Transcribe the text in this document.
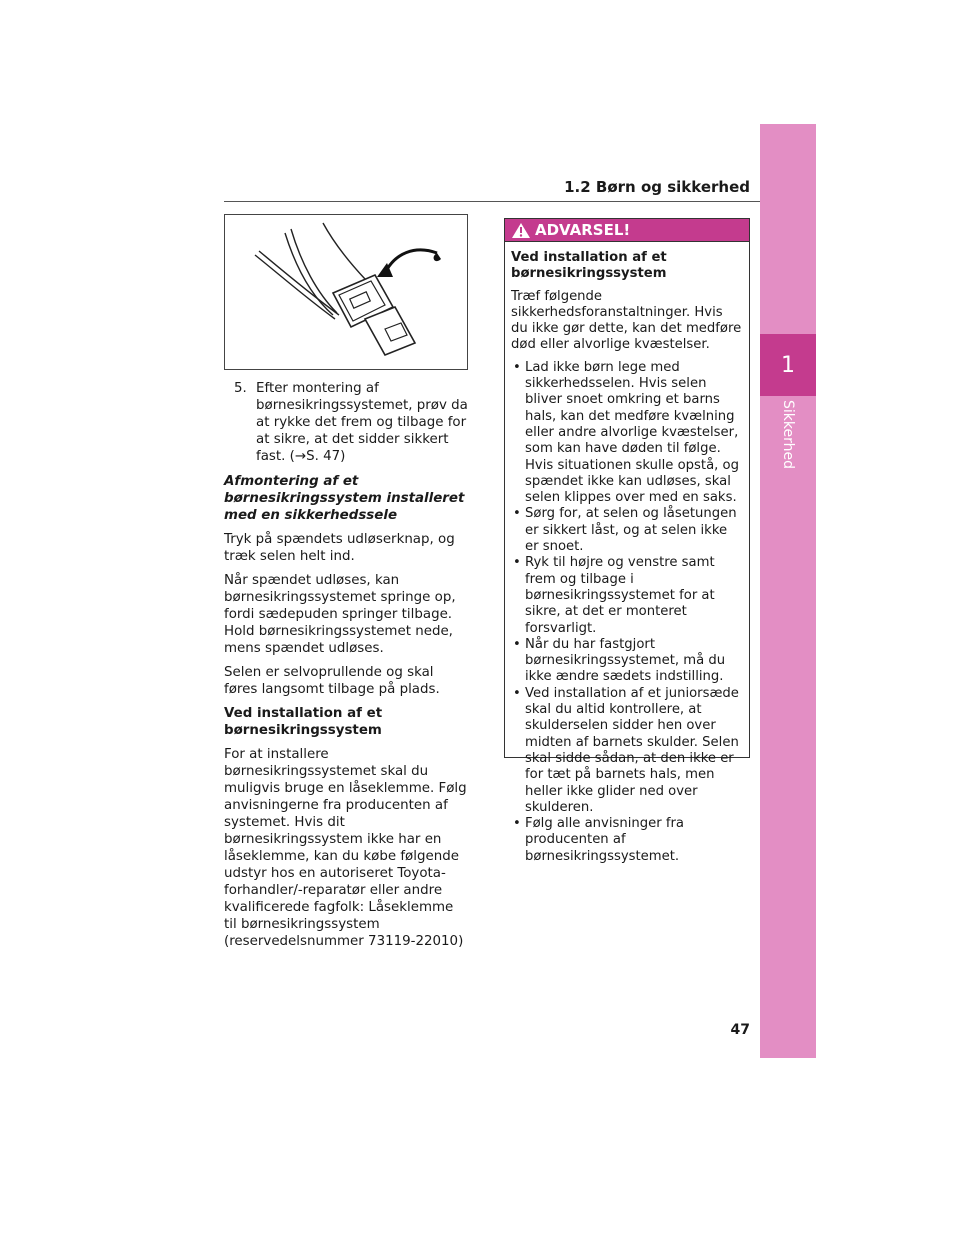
1.2 Børn og sikkerhed
1
Sikkerhed

5. Efter montering af børnesikringssystemet, prøv da at rykke det frem og tilbage for at sikre, at det sidder sikkert fast. (→S. 47)

Afmontering af et børnesikringssystem installeret med en sikkerhedssele

Tryk på spændets udløserknap, og træk selen helt ind.

Når spændet udløses, kan børnesikringssystemet springe op, fordi sædepuden springer tilbage. Hold børnesikringssystemet nede, mens spændet udløses.

Selen er selvoprullende og skal føres langsomt tilbage på plads.

Ved installation af et børnesikringssystem

For at installere børnesikringssystemet skal du muligvis bruge en låseklemme. Følg anvisningerne fra producenten af systemet. Hvis dit børnesikringssystem ikke har en låseklemme, kan du købe følgende udstyr hos en autoriseret Toyota-forhandler/-reparatør eller andre kvalificerede fagfolk: Låseklemme til børnesikringssystem (reservedelsnummer 73119-22010)

ADVARSEL!

Ved installation af et børnesikringssystem

Træf følgende sikkerhedsforanstaltninger. Hvis du ikke gør dette, kan det medføre død eller alvorlige kvæstelser.

• Lad ikke børn lege med sikkerhedsselen. Hvis selen bliver snoet omkring et barns hals, kan det medføre kvælning eller andre alvorlige kvæstelser, som kan have døden til følge. Hvis situationen skulle opstå, og spændet ikke kan udløses, skal selen klippes over med en saks.
• Sørg for, at selen og låsetungen er sikkert låst, og at selen ikke er snoet.
• Ryk til højre og venstre samt frem og tilbage i børnesikringssystemet for at sikre, at det er monteret forsvarligt.
• Når du har fastgjort børnesikringssystemet, må du ikke ændre sædets indstilling.
• Ved installation af et juniorsæde skal du altid kontrollere, at skulderselen sidder hen over midten af barnets skulder. Selen skal sidde sådan, at den ikke er for tæt på barnets hals, men heller ikke glider ned over skulderen.
• Følg alle anvisninger fra producenten af børnesikringssystemet.
47
